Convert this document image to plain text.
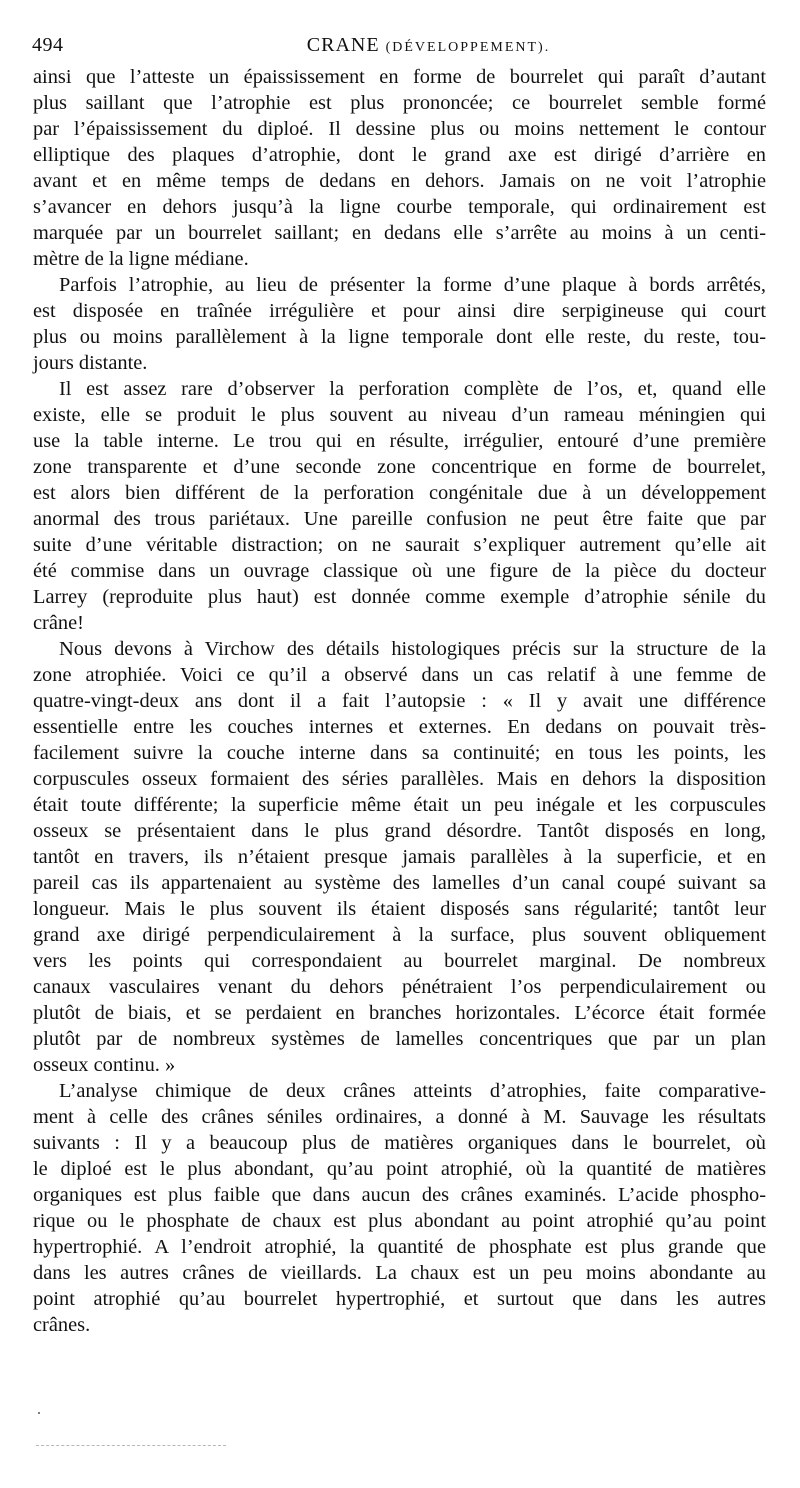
494	CRANE (DÉVELOPPEMENT).
ainsi que l’atteste un épaississement en forme de bourrelet qui paraît d’autant
plus saillant que l’atrophie est plus prononcée; ce bourrelet semble formé
par l’épaississement du diploé. Il dessine plus ou moins nettement le contour
elliptique des plaques d’atrophie, dont le grand axe est dirigé d’arrière en
avant et en même temps de dedans en dehors. Jamais on ne voit l’atrophie
s’avancer en dehors jusqu’à la ligne courbe temporale, qui ordinairement est
marquée par un bourrelet saillant; en dedans elle s’arrête au moins à un centi-
mètre de la ligne médiane.
Parfois l’atrophie, au lieu de présenter la forme d’une plaque à bords arrêtés,
est disposée en traînée irrégulière et pour ainsi dire serpigineuse qui court
plus ou moins parallèlement à la ligne temporale dont elle reste, du reste, tou-
jours distante.
Il est assez rare d’observer la perforation complète de l’os, et, quand elle
existe, elle se produit le plus souvent au niveau d’un rameau méningien qui
use la table interne. Le trou qui en résulte, irrégulier, entouré d’une première
zone transparente et d’une seconde zone concentrique en forme de bourrelet,
est alors bien différent de la perforation congénitale due à un développement
anormal des trous pariétaux. Une pareille confusion ne peut être faite que par
suite d’une véritable distraction; on ne saurait s’expliquer autrement qu’elle ait
été commise dans un ouvrage classique où une figure de la pièce du docteur
Larrey (reproduite plus haut) est donnée comme exemple d’atrophie sénile du
crâne!
Nous devons à Virchow des détails histologiques précis sur la structure de la
zone atrophiée. Voici ce qu’il a observé dans un cas relatif à une femme de
quatre-vingt-deux ans dont il a fait l’autopsie : « Il y avait une différence
essentielle entre les couches internes et externes. En dedans on pouvait très-
facilement suivre la couche interne dans sa continuité; en tous les points, les
corpuscules osseux formaient des séries parallèles. Mais en dehors la disposition
était toute différente; la superficie même était un peu inégale et les corpuscules
osseux se présentaient dans le plus grand désordre. Tantôt disposés en long,
tantôt en travers, ils n’étaient presque jamais parallèles à la superficie, et en
pareil cas ils appartenaient au système des lamelles d’un canal coupé suivant sa
longueur. Mais le plus souvent ils étaient disposés sans régularité; tantôt leur
grand axe dirigé perpendiculairement à la surface, plus souvent obliquement
vers les points qui correspondaient au bourrelet marginal. De nombreux
canaux vasculaires venant du dehors pénétraient l’os perpendiculairement ou
plutôt de biais, et se perdaient en branches horizontales. L’écorce était formée
plutôt par de nombreux systèmes de lamelles concentriques que par un plan
osseux continu. »
L’analyse chimique de deux crânes atteints d’atrophies, faite comparative-
ment à celle des crânes séniles ordinaires, a donné à M. Sauvage les résultats
suivants : Il y a beaucoup plus de matières organiques dans le bourrelet, où
le diploé est le plus abondant, qu’au point atrophié, où la quantité de matières
organiques est plus faible que dans aucun des crânes examinés. L’acide phospho-
rique ou le phosphate de chaux est plus abondant au point atrophié qu’au point
hypertrophié. A l’endroit atrophié, la quantité de phosphate est plus grande que
dans les autres crânes de vieillards. La chaux est un peu moins abondante au
point atrophié qu’au bourrelet hypertrophié, et surtout que dans les autres
crânes.
